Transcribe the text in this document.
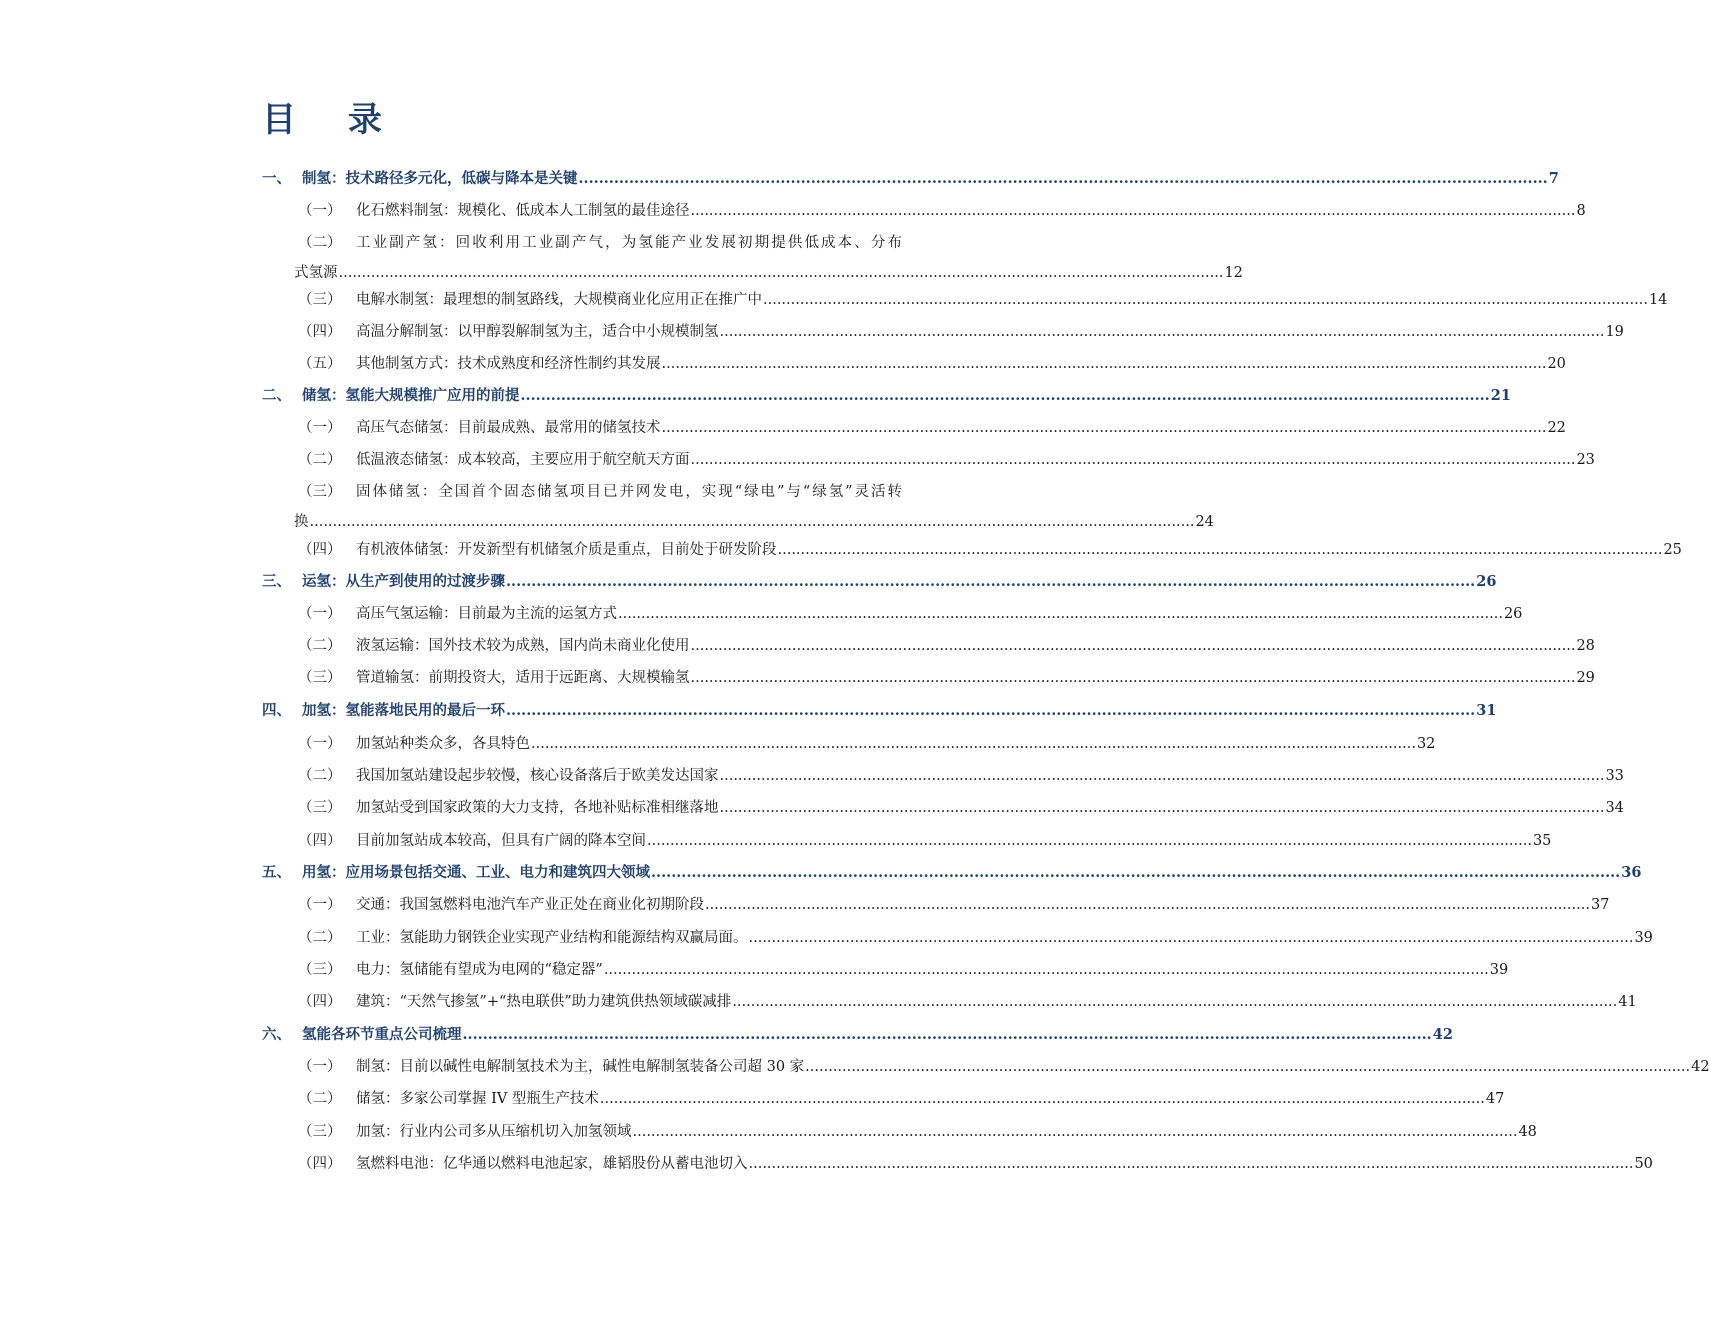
目 录
一、 制氢：技术路径多元化，低碳与降本是关键 .....	7
（一）	化石燃料制氢：规模化、低成本人工制氢的最佳途径 .....	8
（二）	工业副产氢：回收利用工业副产气，为氢能产业发展初期提供低成本、分布
式氢源 .....	12
（三）	电解水制氢：最理想的制氢路线，大规模商业化应用正在推广中 .....	14
（四）	高温分解制氢：以甲醇裂解制氢为主，适合中小规模制氢 .....	19
（五）	其他制氢方式：技术成熟度和经济性制约其发展 .....	20
二、 储氢：氢能大规模推广应用的前提 .....	21
（一）	高压气态储氢：目前最成熟、最常用的储氢技术 .....	22
（二）	低温液态储氢：成本较高，主要应用于航空航天方面 .....	23
（三）	固体储氢：全国首个固态储氢项目已并网发电，实现“绿电”与“绿氢”灵活转
换 .....	24
（四）	有机液体储氢：开发新型有机储氢介质是重点，目前处于研发阶段 .....	25
三、 运氢：从生产到使用的过渡步骤 .....	26
（一）	高压气氢运输：目前最为主流的运氢方式 .....	26
（二）	液氢运输：国外技术较为成熟，国内尚未商业化使用 .....	28
（三）	管道输氢：前期投资大，适用于远距离、大规模输氢 .....	29
四、 加氢：氢能落地民用的最后一环 .....	31
（一）	加氢站种类众多，各具特色 .....	32
（二）	我国加氢站建设起步较慢，核心设备落后于欧美发达国家 .....	33
（三）	加氢站受到国家政策的大力支持，各地补贴标准相继落地 .....	34
（四）	目前加氢站成本较高，但具有广阔的降本空间 .....	35
五、 用氢：应用场景包括交通、工业、电力和建筑四大领域 .....	36
（一）	交通：我国氢燃料电池汽车产业正处在商业化初期阶段 .....	37
（二）	工业：氢能助力钢铁企业实现产业结构和能源结构双赢局面。 .....	39
（三）	电力：氢储能有望成为电网的“稳定器” .....	39
（四）	建筑：“天然气掺氢”+“热电联供”助力建筑供热领域碳减排 .....	41
六、 氢能各环节重点公司梳理 .....	42
（一）	制氢：目前以碱性电解制氢技术为主，碱性电解制氢装备公司超 30 家 .....	42
（二）	储氢：多家公司掌握 IV 型瓶生产技术 .....	47
（三）	加氢：行业内公司多从压缩机切入加氢领域 .....	48
（四）	氢燃料电池：亿华通以燃料电池起家，雄韬股份从蓄电池切入 .....	50
